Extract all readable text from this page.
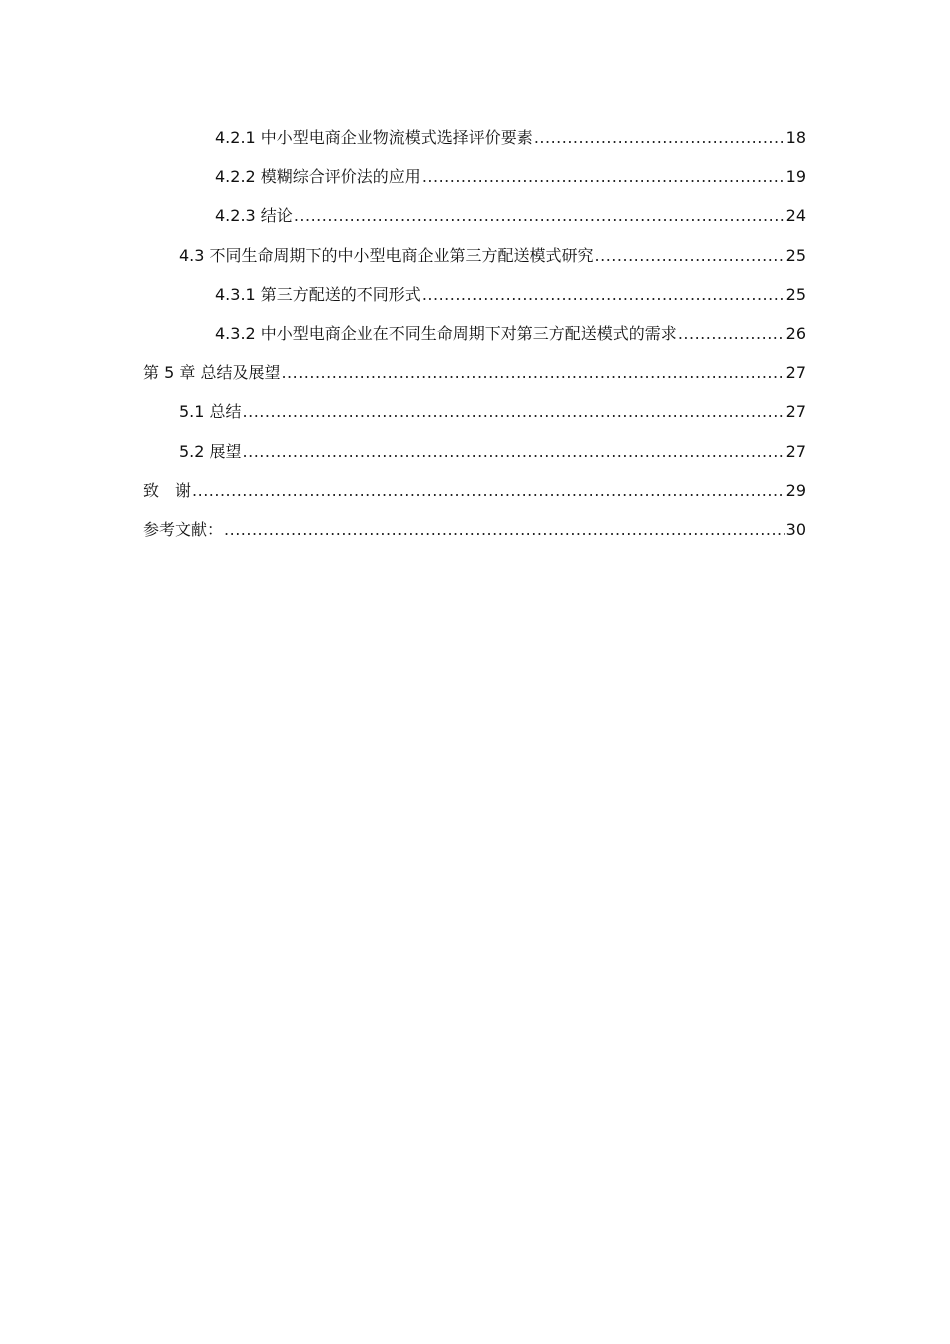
4.2.1 中小型电商企业物流模式选择评价要素 .....	18
4.2.2 模糊综合评价法的应用 .....	19
4.2.3 结论 .....	24
4.3 不同生命周期下的中小型电商企业第三方配送模式研究 .....	25
4.3.1 第三方配送的不同形式 .....	25
4.3.2 中小型电商企业在不同生命周期下对第三方配送模式的需求 .....	26
第 5 章 总结及展望 .....	27
5.1 总结 .....	27
5.2 展望 .....	27
致　谢 .....	29
参考文献： .....	30
